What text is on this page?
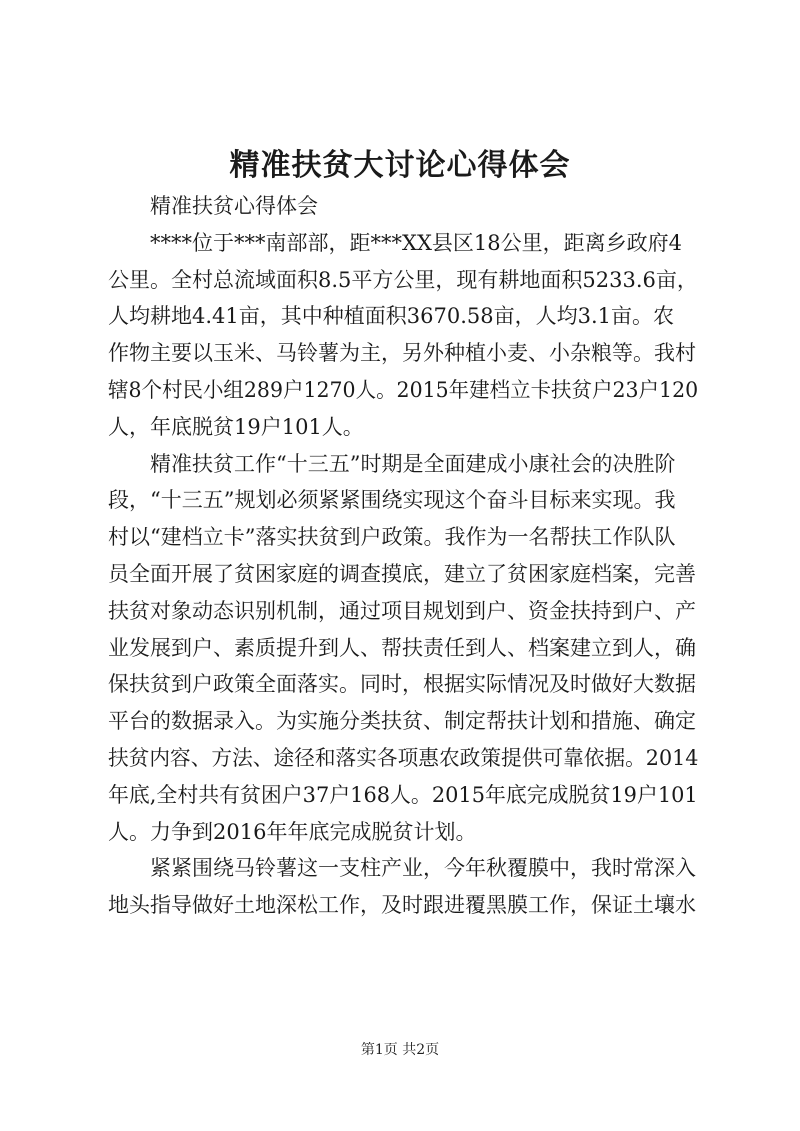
精准扶贫大讨论心得体会

精准扶贫心得体会

****位于***南部部，距***XX县区18公里，距离乡政府4
公里。全村总流域面积8.5平方公里，现有耕地面积5233.6亩，
人均耕地4.41亩，其中种植面积3670.58亩，人均3.1亩。农
作物主要以玉米、马铃薯为主，另外种植小麦、小杂粮等。我村
辖8个村民小组289户1270人。2015年建档立卡扶贫户23户120
人，年底脱贫19户101人。

精准扶贫工作“十三五”时期是全面建成小康社会的决胜阶
段，“十三五”规划必须紧紧围绕实现这个奋斗目标来实现。我
村以“建档立卡”落实扶贫到户政策。我作为一名帮扶工作队队
员全面开展了贫困家庭的调查摸底，建立了贫困家庭档案，完善
扶贫对象动态识别机制，通过项目规划到户、资金扶持到户、产
业发展到户、素质提升到人、帮扶责任到人、档案建立到人，确
保扶贫到户政策全面落实。同时，根据实际情况及时做好大数据
平台的数据录入。为实施分类扶贫、制定帮扶计划和措施、确定
扶贫内容、方法、途径和落实各项惠农政策提供可靠依据。2014
年底,全村共有贫困户37户168人。2015年底完成脱贫19户101
人。力争到2016年年底完成脱贫计划。

紧紧围绕马铃薯这一支柱产业，今年秋覆膜中，我时常深入
地头指导做好土地深松工作，及时跟进覆黑膜工作，保证土壤水

第1页 共2页
